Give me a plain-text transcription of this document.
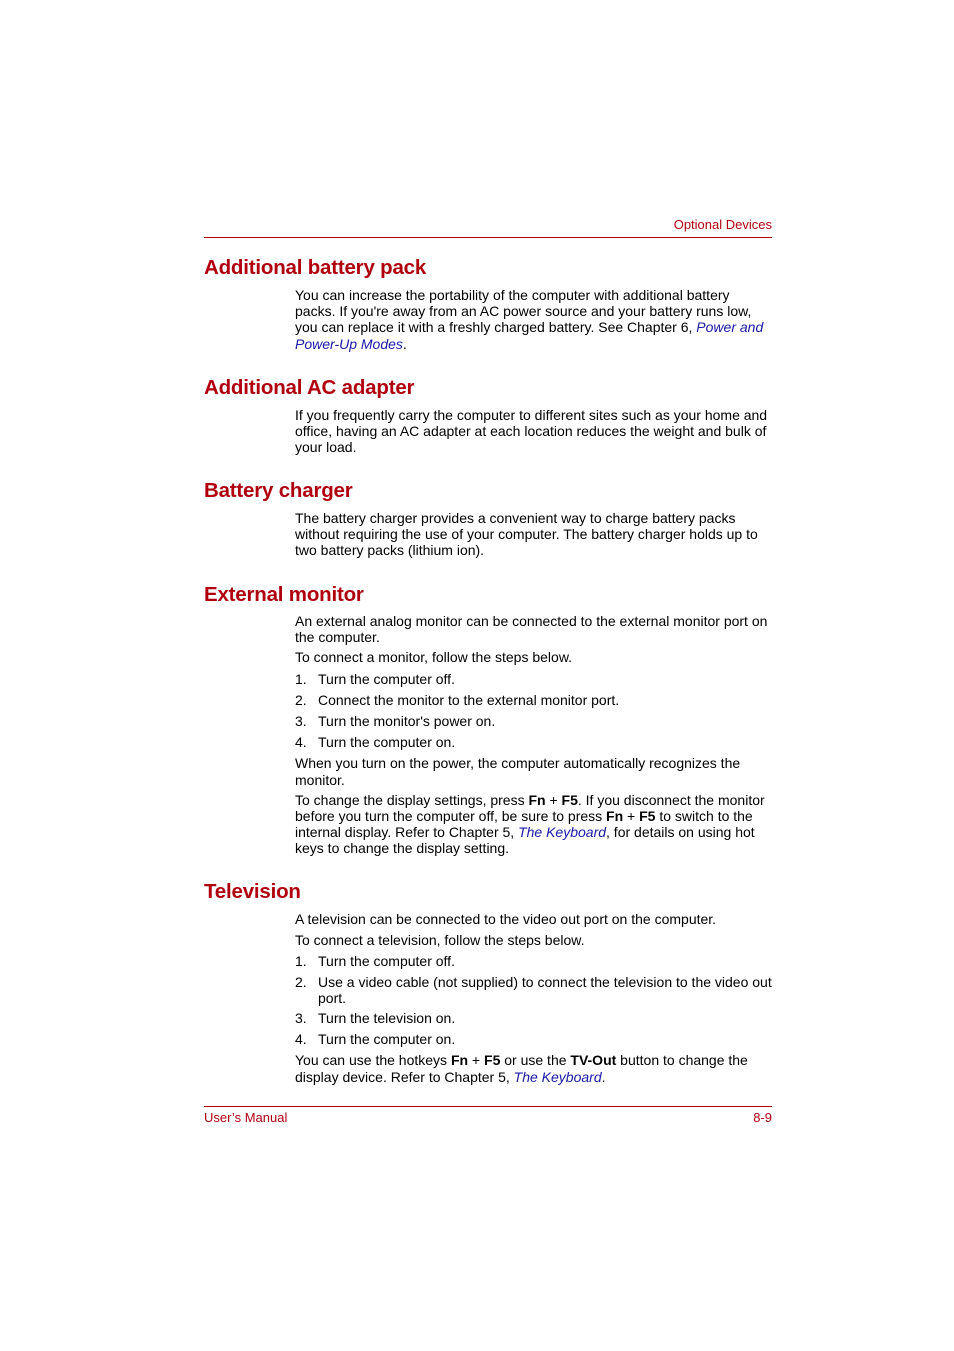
Optional Devices
Additional battery pack

You can increase the portability of the computer with additional battery packs. If you're away from an AC power source and your battery runs low, you can replace it with a freshly charged battery. See Chapter 6, Power and Power-Up Modes.

Additional AC adapter

If you frequently carry the computer to different sites such as your home and office, having an AC adapter at each location reduces the weight and bulk of your load.

Battery charger

The battery charger provides a convenient way to charge battery packs without requiring the use of your computer. The battery charger holds up to two battery packs (lithium ion).

External monitor

An external analog monitor can be connected to the external monitor port on the computer.

To connect a monitor, follow the steps below.

1. Turn the computer off.

2. Connect the monitor to the external monitor port.

3. Turn the monitor's power on.

4. Turn the computer on.

When you turn on the power, the computer automatically recognizes the monitor.

To change the display settings, press Fn + F5. If you disconnect the monitor before you turn the computer off, be sure to press Fn + F5 to switch to the internal display. Refer to Chapter 5, The Keyboard, for details on using hot keys to change the display setting.

Television

A television can be connected to the video out port on the computer.

To connect a television, follow the steps below.

1. Turn the computer off.

2. Use a video cable (not supplied) to connect the television to the video out port.

3. Turn the television on.

4. Turn the computer on.

You can use the hotkeys Fn + F5 or use the TV-Out button to change the display device. Refer to Chapter 5, The Keyboard.

User’s Manual	8-9
